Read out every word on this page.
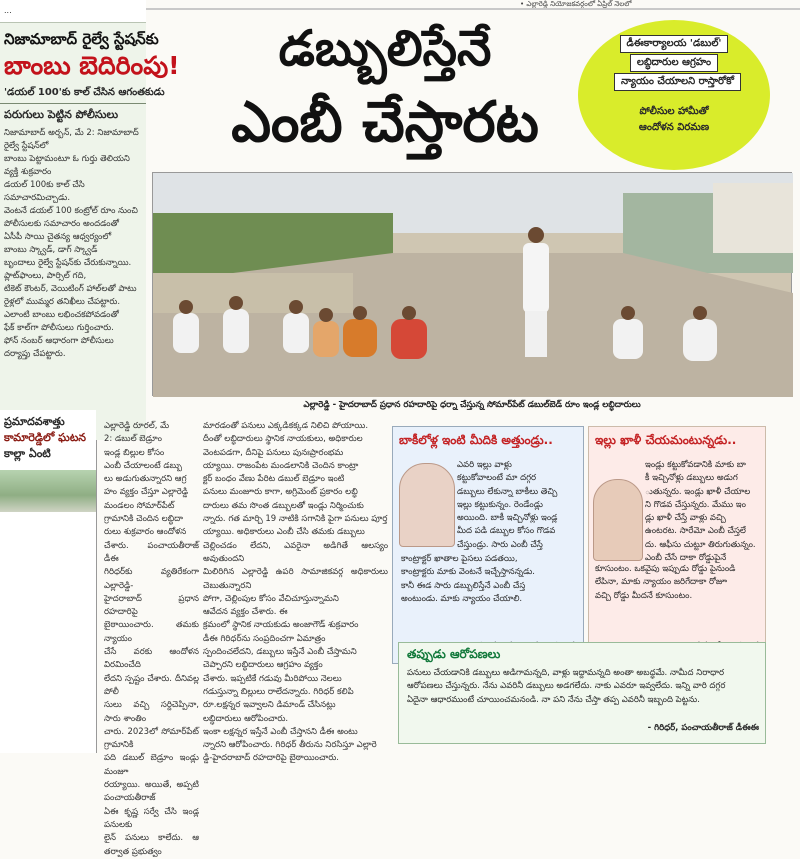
...
నిజామాబాద్ రైల్వే స్టేషన్‌కు
బాంబు బెదిరింపు!
'డయల్ 100'కు కాల్ చేసిన ఆగంతకుడు
పరుగులు పెట్టిన పోలీసులు
నిజామాబాద్ అర్బన్, మే 2: నిజామాబాద్ రైల్వే స్టేషన్‌లో
బాంబు పెట్టామంటూ ఓ గుర్తు తెలియని వ్యక్తి శుక్రవారం
డయల్ 100కు కాల్ చేసి సమాచారమిచ్చాడు.
వెంటనే డయల్ 100 కంట్రోల్ రూం నుంచి
పోలీసులకు సమాచారం అందడంతో
ఏసీపీ సాయి చైతన్య ఆధ్వర్యంలో
బాంబు స్క్వాడ్, డాగ్ స్క్వాడ్
బృందాలు రైల్వే స్టేషన్‌కు చేరుకున్నాయి.
ప్లాట్‌ఫాంలు, పార్సిల్ గది,
టికెట్ కౌంటర్, వెయిటింగ్ హాల్‌లతో పాటు
రైళ్లలో ముమ్మర తనిఖీలు చేపట్టారు.
ఎలాంటి బాంబు లభించకపోవడంతో
ఫేక్ కాల్‌గా పోలీసులు గుర్తించారు.
ఫోన్ నంబర్ ఆధారంగా పోలీసులు
దర్యాప్తు చేపట్టారు.
ప్రమాదవశాత్తు
కామారెడ్డిలో ఘటన
కాల్లా ఏంటి
• ఎల్లారెడ్డి నియోజకవర్గంలో ఏప్రిల్ నెలలో
డబ్బులిస్తేనే
ఎంబీ చేస్తారట
డీఈకార్యాలయ 'డబుల్'
లబ్ధిదారుల ఆగ్రహం
న్యాయం చేయాలని రాస్తారోకో
పోలీసుల హామీతో
ఆందోళన విరమణ
ఎల్లారెడ్డి - హైదరాబాద్ ప్రధాన రహదారిపై ధర్నా చేస్తున్న సోమార్‌పేట్ డబుల్‌బెడ్ రూం ఇండ్ల లబ్ధిదారులు
ఎల్లారెడ్డి రూరల్, మే
2: డబుల్ బెడ్రూం
ఇండ్ల బిల్లుల కోసం
ఎంబీ చేయాలంటే డబ్బు
లు అడుగుతున్నారని ఆగ్ర
హం వ్యక్తం చేస్తూ ఎల్లారెడ్డి
మండలం సోమార్‌పేట్
గ్రామానికి చెందిన లబ్ధిదా
రులు శుక్రవారం ఆందోళన
చేశారు. పంచాయతీరాజ్ డీఈ
గిరిధర్‌కు వ్యతిరేకంగా ఎల్లారెడ్డి-
హైదరాబాద్ ప్రధాన రహదారిపై
బైఠాయించారు. తమకు న్యాయం
చేసే వరకు ఆందోళన విరమించేది
లేదని స్పష్టం చేశారు. దీనివల్ల పోలీ
సులు వచ్చి సర్దిచెప్పినా, సారు శాంతిం
చారు. 2023లో సోమార్‌పేట్ గ్రామానికి
పది డబుల్ బెడ్రూం ఇండ్లు మంజూ
రయ్యాయి. అయితే, అప్పటి పంచాయతీరాజ్
ఏఈ కృష్ణ సర్వే చేసి ఇండ్ల పనులకు
లైన్ పనులు కాలేదు. ఆ తర్వాత ప్రభుత్వం
మారడంతో పనులు ఎక్కడికక్కడ నిలిచి పోయాయి.
దీంతో లబ్ధిదారులు స్థానిక నాయకులు, అధికారుల
వెంటపడగా, దీనిపై పనులు పునఃప్రారంభమ
య్యాయి. రాజంపేట మండలానికి చెందిన కాంట్రా
క్టర్ బంధం వేణు పేరిట డబుల్ బెడ్రూం ఇంటి
పనులు మంజూరు కాగా, అగ్రిమెంట్ ప్రకారం లబ్ధి
దారులు తమ సొంత డబ్బులతో ఇండ్లు నిర్మించుకు
న్నారు. గత మార్చి 19 నాటికి సగానికి పైగా పనులు పూర్త
య్యాయి. అధికారులు ఎంబీ చేసి తమకు డబ్బులు
చెల్లించడం లేదని, ఎవరైనా అడిగితే ఆలస్యం అవుతుందని
మిలిరిగిన ఎల్లారెడ్డి ఉపరి సామాజికవర్గ అధికారులు చెబుతున్నారని
పోగా, చెల్లింపుల కోసం వేచిచూస్తున్నామని
ఆవేదన వ్యక్తం చేశారు. ఈ
క్రమంలో స్థానిక నాయకుడు అంజాగౌడ్ శుక్రవారం
డీఈ గిరిధర్‌ను సంప్రదించగా ఏమాత్రం
స్పందించలేదని, డబ్బులు ఇస్తేనే ఎంబీ చేస్తామని
చెప్పారని లబ్ధిదారులు ఆగ్రహం వ్యక్తం
చేశారు. ఇప్పటికే గడువు మీరిపోయి నెలలు
గడుస్తున్నా బిల్లులు రాలేదన్నారు. గిరిధర్ కలిపి
రూ.లక్షన్నర ఇవ్వాలని డిమాండ్ చేసినట్లు
లబ్ధిదారులు ఆరోపించారు.
ఇంకా లక్షన్నర ఇస్తేనే ఎంబీ చేస్తానని డీఈ అంటు
న్నారని ఆరోపించారు. గిరిధర్ తీరును నిరసిస్తూ ఎల్లారె
డ్డి-హైదరాబాద్ రహదారిపై బైఠాయించారు.
బాకీలోళ్ల ఇంటి మీదికి అత్తుండ్రు..
ఎవరి ఇల్లు వాళ్లు
కట్టుకోవాలంటే మా దగ్గర
డబ్బులు లేకున్నా బాకీలు తెచ్చి
ఇల్లు కట్టుకున్నం. రెండేండ్లు
అయింది. బాకీ ఇచ్చినోళ్లు ఇండ్ల
మీద పడి డబ్బుల కోసం గొడవ
చేస్తుండ్రు. సారు ఎంబీ చేస్తే
కాంట్రాక్టర్ ఖాతాల పైసలు పడతయి,
కాంట్రాక్టరు మాకు వెంటనే ఇచ్చేస్తానన్నడు.
కానీ ఈడ సారు డబ్బులిస్తేనే ఎంబీ చేస్త
అంటుండు. మాకు న్యాయం చేయాలి.
ఇల్లు ఖాళీ చేయమంటున్నడు..
ఇండ్లు కట్టుకోవడానికి మాకు బా
కీ ఇచ్చినోళ్లు డబ్బులు అడుగ
ుతున్నరు. ఇండ్లు ఖాళీ చేయాల
ని గొడవ చేస్తున్నరు. మేము ఇం
డ్లు ఖాళీ చేస్తే వాళ్లు వచ్చి
ఉంటరట. సారేమో ఎంబీ చేస్తలే
దు. ఆఫీసు చుట్టూ తిరుగుతున్నం.
ఎంబీ చేసే దాకా రోడ్డుపైనే
కూసుంటం. ఒకవైపు ఇప్పుడు రోడ్డు పైనుండి
లేపినా, మాకు న్యాయం జరిగేదాకా రోజూ
వచ్చి రోడ్డు మీదనే కూసుంటం.
తప్పుడు ఆరోపణలు
పనులు చేయడానికి డబ్బులు అడిగామన్నది, వాళ్లు ఇద్దామన్నది అంతా అబద్ధమే. నామీద నిరాధార
ఆరోపణలు చేస్తున్నరు. నేను ఎవరినీ డబ్బులు అడగలేదు. నాకు ఎవరూ ఇవ్వలేదు. ఇన్ని వారి దగ్గర
ఏదైనా ఆధారముంటే చూయించమనండి. నా పని నేను చేస్తా తప్ప ఎవరినీ ఇబ్బంది పెట్టను.
- గిరిధర్, పంచాయతీరాజ్ డీఈఈ
